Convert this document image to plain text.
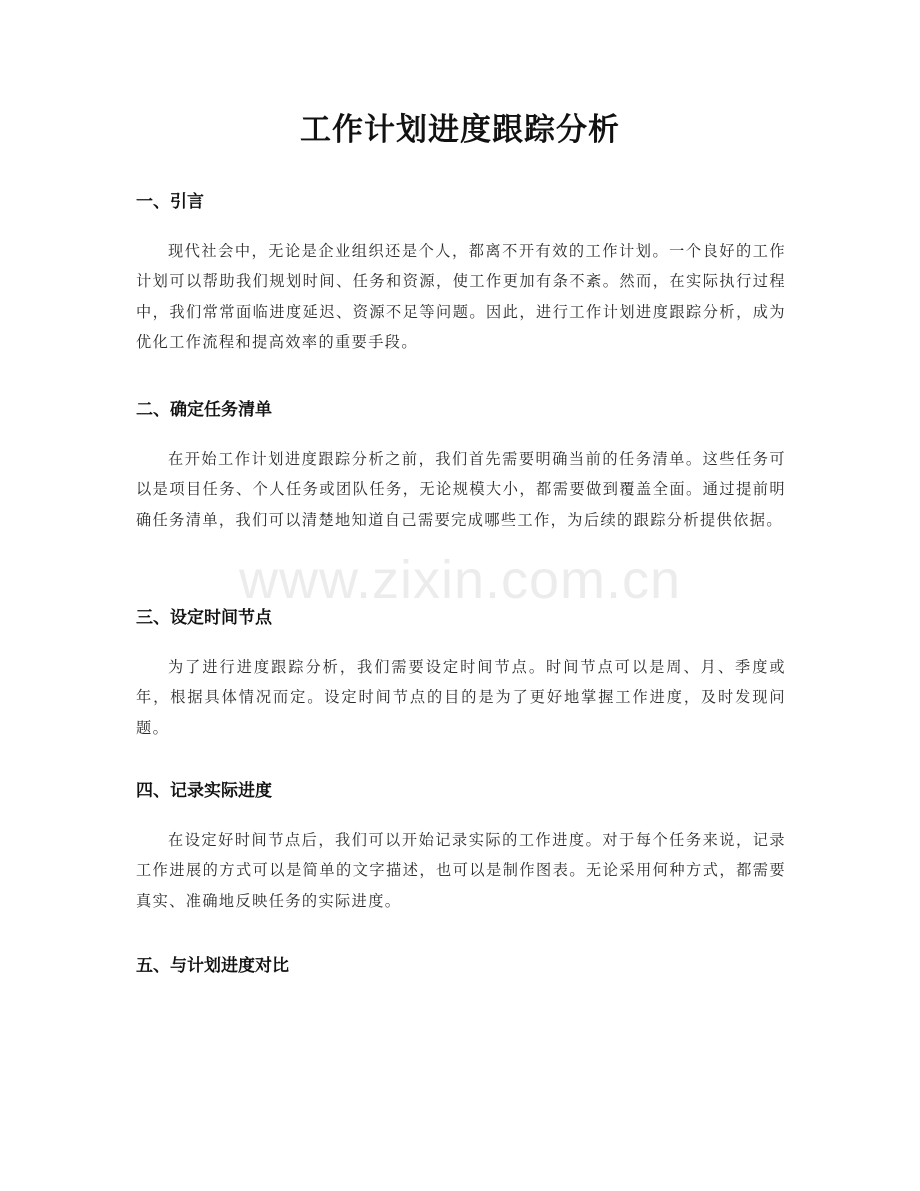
工作计划进度跟踪分析
一、引言

现代社会中，无论是企业组织还是个人，都离不开有效的工作计划。一个良好的工作计划可以帮助我们规划时间、任务和资源，使工作更加有条不紊。然而，在实际执行过程中，我们常常面临进度延迟、资源不足等问题。因此，进行工作计划进度跟踪分析，成为优化工作流程和提高效率的重要手段。

二、确定任务清单

在开始工作计划进度跟踪分析之前，我们首先需要明确当前的任务清单。这些任务可以是项目任务、个人任务或团队任务，无论规模大小，都需要做到覆盖全面。通过提前明确任务清单，我们可以清楚地知道自己需要完成哪些工作，为后续的跟踪分析提供依据。

三、设定时间节点

为了进行进度跟踪分析，我们需要设定时间节点。时间节点可以是周、月、季度或年，根据具体情况而定。设定时间节点的目的是为了更好地掌握工作进度，及时发现问题。

四、记录实际进度

在设定好时间节点后，我们可以开始记录实际的工作进度。对于每个任务来说，记录工作进展的方式可以是简单的文字描述，也可以是制作图表。无论采用何种方式，都需要真实、准确地反映任务的实际进度。

五、与计划进度对比
www.zixin.com.cn
